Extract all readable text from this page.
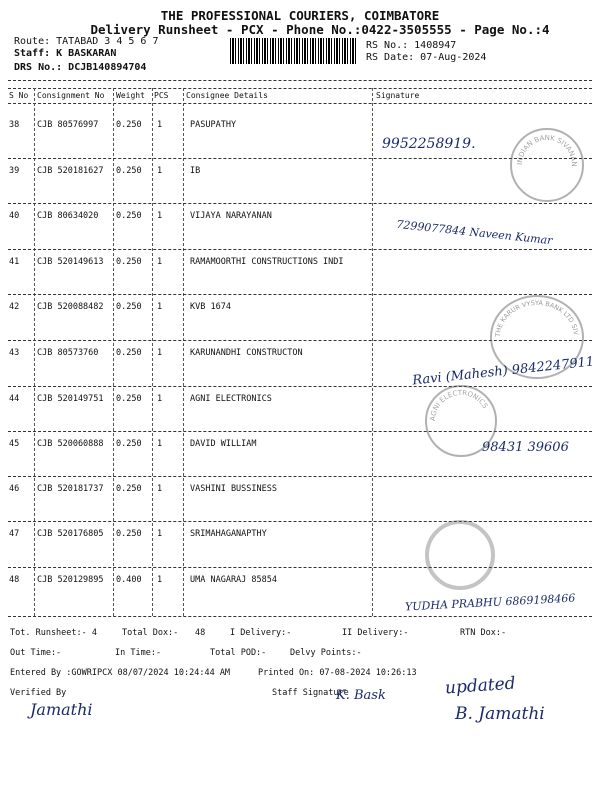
THE PROFESSIONAL COURIERS, COIMBATORE
Delivery Runsheet - PCX - Phone No.:0422-3505555 - Page No.:4
Route: TATABAD 3 4 5 6 7
Staff: K BASKARAN
DRS No.: DCJB140894704
RS No.: 1408947
RS Date: 07-Aug-2024
S No Consignment No Weight PCS Consignee Details	Signature
38 CJB 80576997 0.250 1	PASUPATHY
39 CJB 520181627 0.250 1	IB
40 CJB 80634020 0.250 1	VIJAYA NARAYANAN
41 CJB 520149613 0.250 1	RAMAMOORTHI CONSTRUCTIONS INDI
42 CJB 520088482 0.250 1	KVB 1674
43 CJB 80573760 0.250 1	KARUNANDHI CONSTRUCTON
44 CJB 520149751 0.250 1	AGNI ELECTRONICS
45 CJB 520060888 0.250 1	DAVID WILLIAM
46 CJB 520181737 0.250 1	VASHINI BUSSINESS
47 CJB 520176805 0.250 1	SRIMAHAGANAPTHY
48 CJB 520129895 0.400 1	UMA NAGARAJ 85854
INDIAN BANK SIVANAN
THE KARUR VYSYA BANK LTD SIV
AGNI ELECTRONICS
9952258919.
7299077844 Naveen Kumar
Ravi (Mahesh) 9842247911
98431 39606
YUDHA PRABHU 6869198466
Tot. Runsheet:- 4	Total Dox:- 48	I Delivery:-	II Delivery:-	RTN Dox:-
Out Time:-	In Time:-	Total POD:-	Delvy Points:-
Entered By :GOWRIPCX 08/07/2024 10:24:44 AM	Printed On: 07-08-2024 10:26:13
Verified By	Staff Signature
Jamathi
K. Bask	updated
B. Jamathi
